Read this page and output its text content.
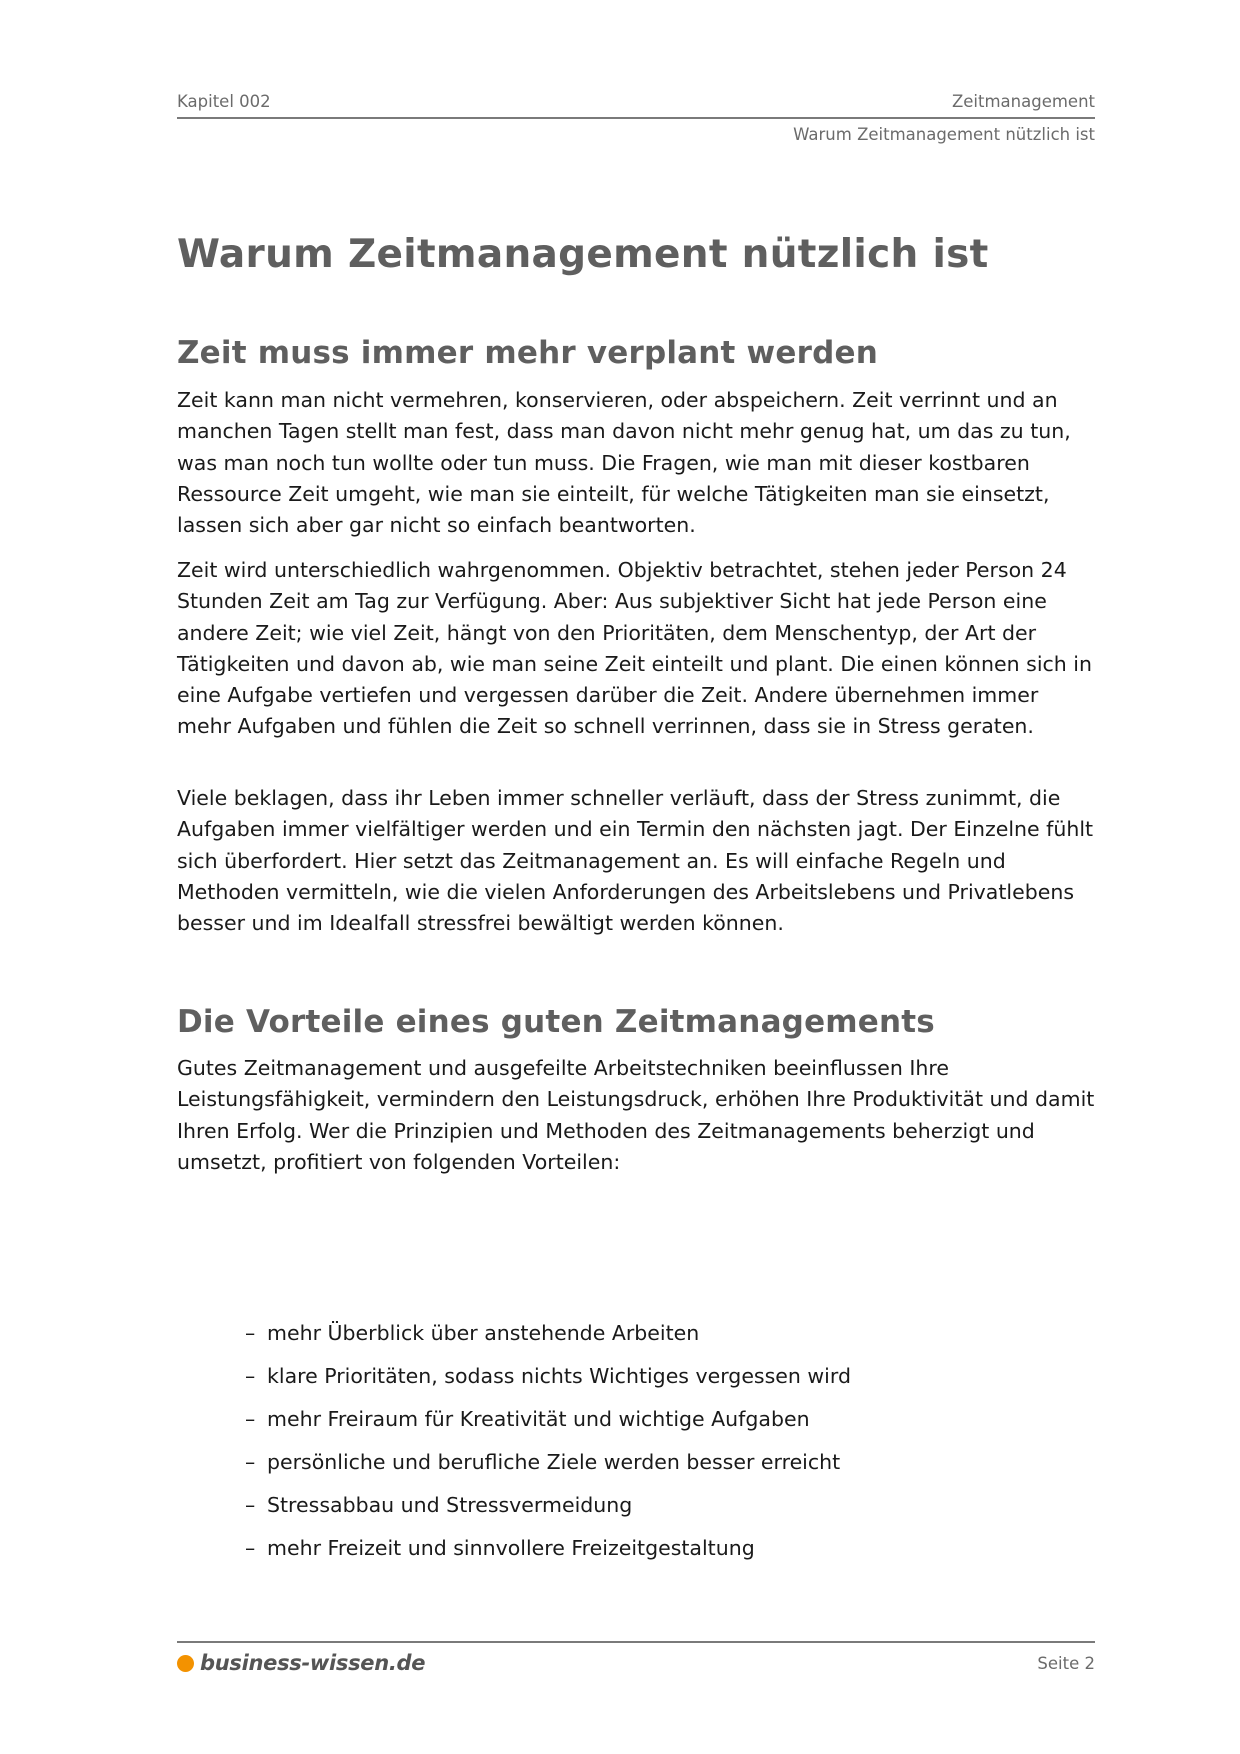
Kapitel 002	Zeitmanagement
Warum Zeitmanagement nützlich ist
Warum Zeitmanagement nützlich ist
Zeit muss immer mehr verplant werden

Zeit kann man nicht vermehren, konservieren, oder abspeichern. Zeit verrinnt und an manchen Tagen stellt man fest, dass man davon nicht mehr genug hat, um das zu tun, was man noch tun wollte oder tun muss. Die Fragen, wie man mit dieser kostbaren Ressource Zeit umgeht, wie man sie einteilt, für welche Tätigkeiten man sie einsetzt, lassen sich aber gar nicht so einfach beantworten.

Zeit wird unterschiedlich wahrgenommen. Objektiv betrachtet, stehen jeder Person 24 Stunden Zeit am Tag zur Verfügung. Aber: Aus subjektiver Sicht hat jede Person eine andere Zeit; wie viel Zeit, hängt von den Prioritäten, dem Menschentyp, der Art der Tätigkeiten und davon ab, wie man seine Zeit einteilt und plant. Die einen können sich in eine Aufgabe vertiefen und vergessen darüber die Zeit. Andere übernehmen immer mehr Aufgaben und fühlen die Zeit so schnell verrinnen, dass sie in Stress geraten.

Viele beklagen, dass ihr Leben immer schneller verläuft, dass der Stress zunimmt, die Aufgaben immer vielfältiger werden und ein Termin den nächsten jagt. Der Einzelne fühlt sich überfordert. Hier setzt das Zeitmanagement an. Es will einfache Regeln und Methoden vermitteln, wie die vielen Anforderungen des Arbeitslebens und Privatlebens besser und im Idealfall stressfrei bewältigt werden können.

Die Vorteile eines guten Zeitmanagements

Gutes Zeitmanagement und ausgefeilte Arbeitstechniken beeinflussen Ihre Leistungsfähigkeit, vermindern den Leistungsdruck, erhöhen Ihre Produktivität und damit Ihren Erfolg. Wer die Prinzipien und Methoden des Zeitmanagements beherzigt und umsetzt, profitiert von folgenden Vorteilen:

– mehr Überblick über anstehende Arbeiten
– klare Prioritäten, sodass nichts Wichtiges vergessen wird
– mehr Freiraum für Kreativität und wichtige Aufgaben
– persönliche und berufliche Ziele werden besser erreicht
– Stressabbau und Stressvermeidung
– mehr Freizeit und sinnvollere Freizeitgestaltung
business-wissen.de	Seite 2
